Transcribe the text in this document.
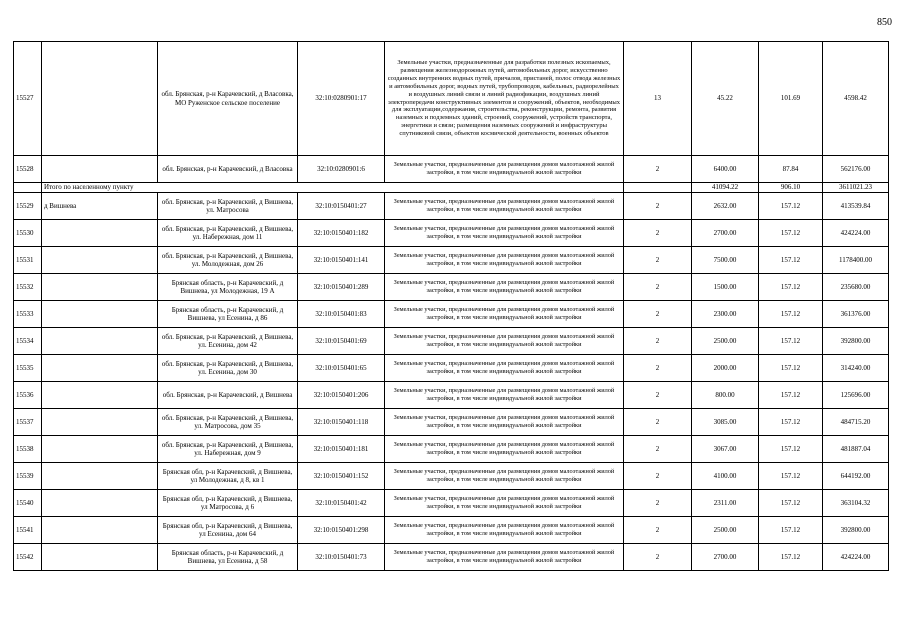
850
15527		обл. Брянская, р-н Карачевский, д Власовка, МО Руженское сельское поселение	32:10:0280901:17	Земельные участки, предназначенные для разработки полезных ископаемых, размещения железнодорожных путей, автомобильных дорог, искусственно созданных внутренних водных путей, причалов, пристаней, полос отвода железных и автомобильных дорог, водных путей, трубопроводов, кабельных, радиорелейных и воздушных линий связи и линий радиофикации, воздушных линий электропередачи конструктивных элементов и сооружений, объектов, необходимых для эксплуатации,содержания, строительства, реконструкции, ремонта, развития наземных и подземных зданий, строений, сооружений, устройств транспорта, энергетики и связи; размещения наземных сооружений и инфраструктуры спутниковой связи, объектов космической деятельности, военных объектов	13	45.22	101.69	4598.42
15528		обл. Брянская, р-н Карачевский, д Власовка	32:10:0280901:6	Земельные участки, предназначенные для размещения домов малоэтажной жилой застройки, в том числе индивидуальной жилой застройки	2	6400.00	87.84	562176.00
	Итого по населенному пункту					41094.22	906.10	3611021.23
15529	д Вишнева	обл. Брянская, р-н Карачевский, д Вишнева, ул. Матросова	32:10:0150401:27	Земельные участки, предназначенные для размещения домов малоэтажной жилой застройки, в том числе индивидуальной жилой застройки	2	2632.00	157.12	413539.84
15530		обл. Брянская, р-н Карачевский, д Вишнева, ул. Набережная, дом 11	32:10:0150401:182	Земельные участки, предназначенные для размещения домов малоэтажной жилой застройки, в том числе индивидуальной жилой застройки	2	2700.00	157.12	424224.00
15531		обл. Брянская, р-н Карачевский, д Вишнева, ул. Молодежная, дом 26	32:10:0150401:141	Земельные участки, предназначенные для размещения домов малоэтажной жилой застройки, в том числе индивидуальной жилой застройки	2	7500.00	157.12	1178400.00
15532		Брянская область, р-н Карачевский, д Вишнева, ул Молодежная, 19 А	32:10:0150401:289	Земельные участки, предназначенные для размещения домов малоэтажной жилой застройки, в том числе индивидуальной жилой застройки	2	1500.00	157.12	235680.00
15533		Брянская область, р-н Карачевский, д Вишнева, ул Есенина, д 86	32:10:0150401:83	Земельные участки, предназначенные для размещения домов малоэтажной жилой застройки, в том числе индивидуальной жилой застройки	2	2300.00	157.12	361376.00
15534		обл. Брянская, р-н Карачевский, д Вишнева, ул. Есенина, дом 42	32:10:0150401:69	Земельные участки, предназначенные для размещения домов малоэтажной жилой застройки, в том числе индивидуальной жилой застройки	2	2500.00	157.12	392800.00
15535		обл. Брянская, р-н Карачевский, д Вишнева, ул. Есенина, дом 30	32:10:0150401:65	Земельные участки, предназначенные для размещения домов малоэтажной жилой застройки, в том числе индивидуальной жилой застройки	2	2000.00	157.12	314240.00
15536		обл. Брянская, р-н Карачевский, д Вишнева	32:10:0150401:206	Земельные участки, предназначенные для размещения домов малоэтажной жилой застройки, в том числе индивидуальной жилой застройки	2	800.00	157.12	125696.00
15537		обл. Брянская, р-н Карачевский, д Вишнева, ул. Матросова, дом 35	32:10:0150401:118	Земельные участки, предназначенные для размещения домов малоэтажной жилой застройки, в том числе индивидуальной жилой застройки	2	3085.00	157.12	484715.20
15538		обл. Брянская, р-н Карачевский, д Вишнева, ул. Набережная, дом 9	32:10:0150401:181	Земельные участки, предназначенные для размещения домов малоэтажной жилой застройки, в том числе индивидуальной жилой застройки	2	3067.00	157.12	481887.04
15539		Брянская обл, р-н Карачевский, д Вишнева, ул Молодежная, д 8, кв 1	32:10:0150401:152	Земельные участки, предназначенные для размещения домов малоэтажной жилой застройки, в том числе индивидуальной жилой застройки	2	4100.00	157.12	644192.00
15540		Брянская обл, р-н Карачевский, д Вишнева, ул Матросова, д 6	32:10:0150401:42	Земельные участки, предназначенные для размещения домов малоэтажной жилой застройки, в том числе индивидуальной жилой застройки	2	2311.00	157.12	363104.32
15541		Брянская обл, р-н Карачевский, д Вишнева, ул Есенина, дом 64	32:10:0150401:298	Земельные участки, предназначенные для размещения домов малоэтажной жилой застройки, в том числе индивидуальной жилой застройки	2	2500.00	157.12	392800.00
15542		Брянская область, р-н Карачевский, д Вишнева, ул Есенина, д 58	32:10:0150401:73	Земельные участки, предназначенные для размещения домов малоэтажной жилой застройки, в том числе индивидуальной жилой застройки	2	2700.00	157.12	424224.00
